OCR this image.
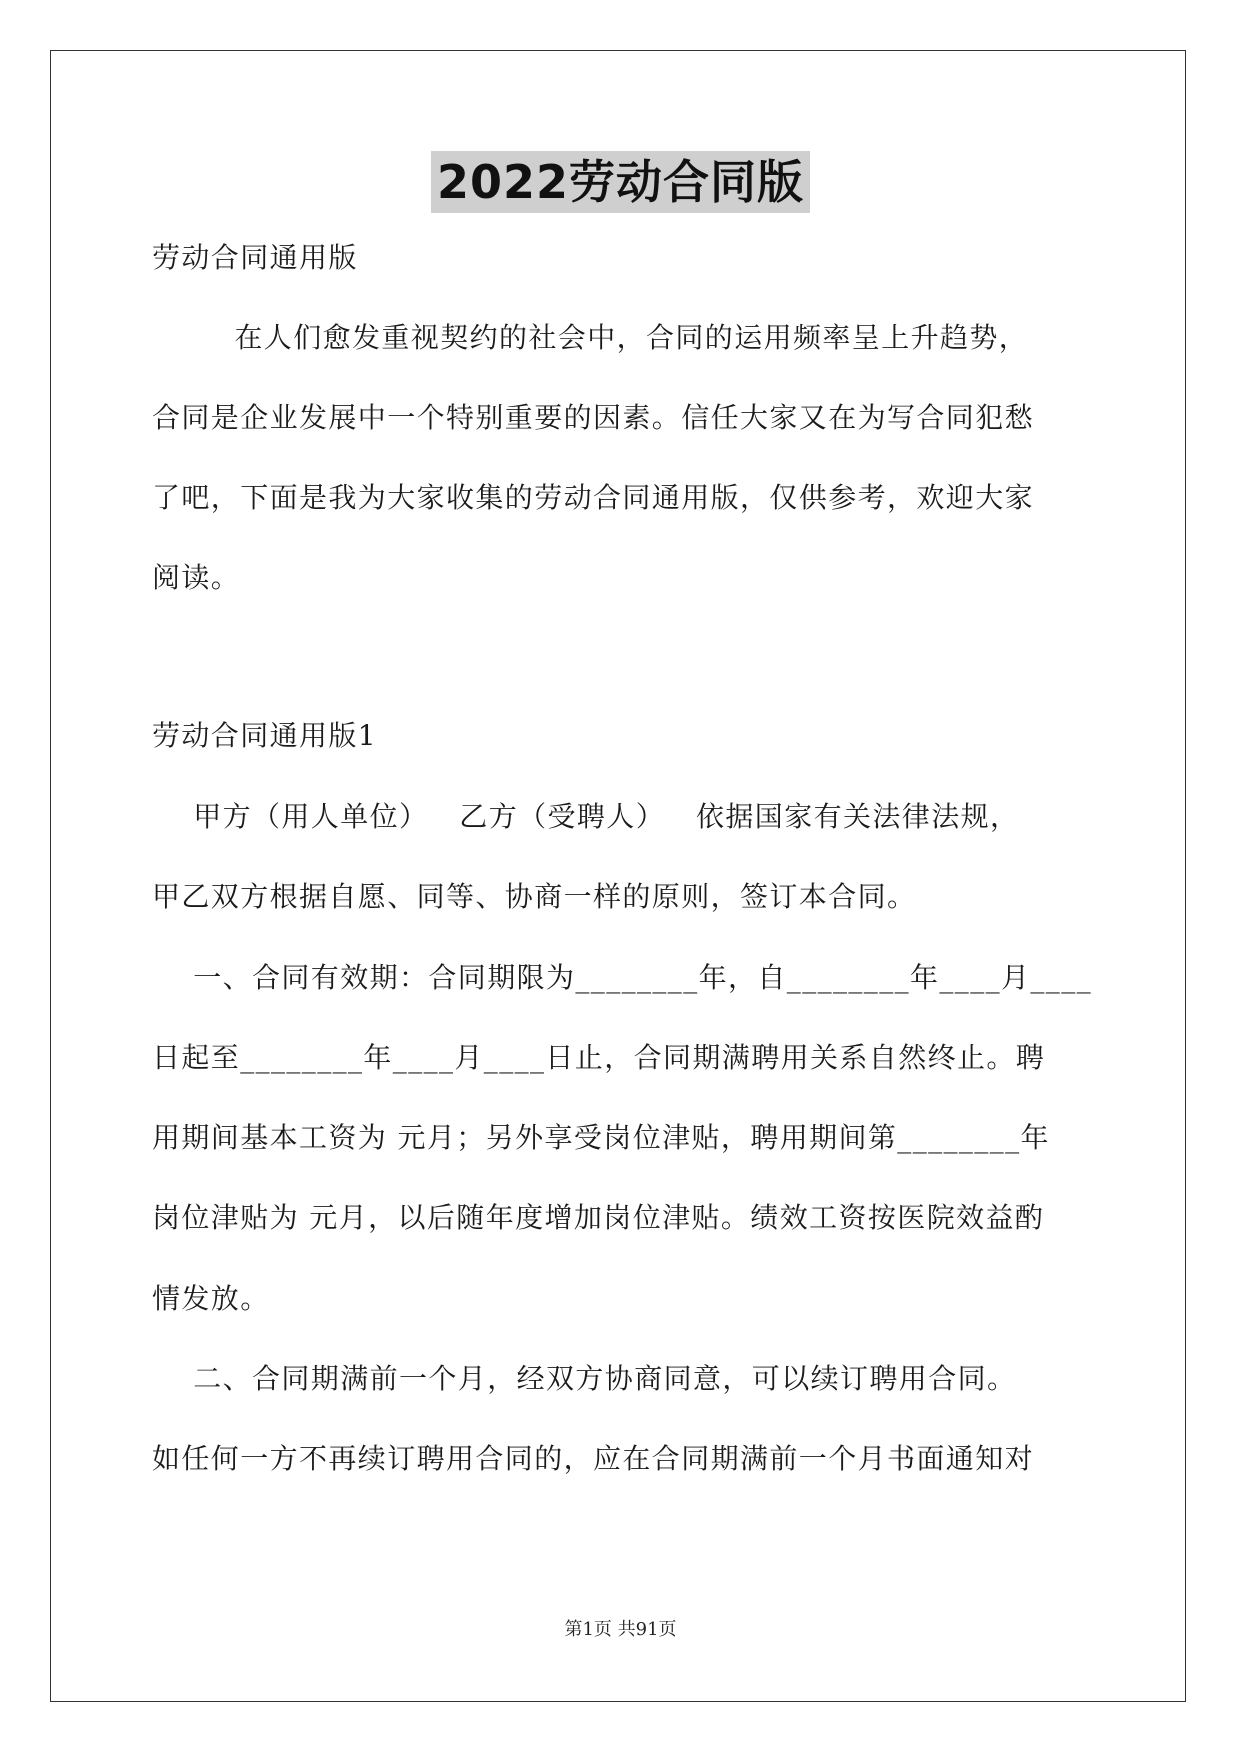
2022劳动合同版
劳动合同通用版
在人们愈发重视契约的社会中，合同的运用频率呈上升趋势，
合同是企业发展中一个特别重要的因素。信任大家又在为写合同犯愁
了吧，下面是我为大家收集的劳动合同通用版，仅供参考，欢迎大家
阅读。
劳动合同通用版1
甲方（用人单位）   乙方（受聘人）   依据国家有关法律法规，
甲乙双方根据自愿、同等、协商一样的原则，签订本合同。
一、合同有效期：合同期限为________年，自________年____月____
日起至________年____月____日止，合同期满聘用关系自然终止。聘
用期间基本工资为 元月；另外享受岗位津贴，聘用期间第________年
岗位津贴为 元月，以后随年度增加岗位津贴。绩效工资按医院效益酌
情发放。
二、合同期满前一个月，经双方协商同意，可以续订聘用合同。
如任何一方不再续订聘用合同的，应在合同期满前一个月书面通知对
第1页 共91页
